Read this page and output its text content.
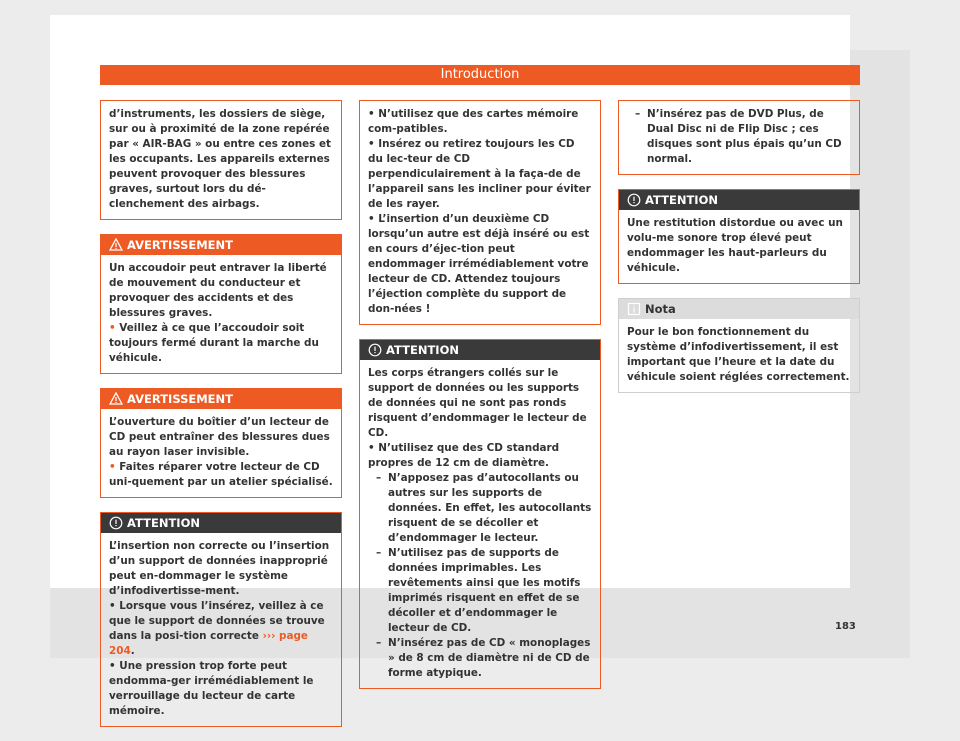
Introduction
d’instruments, les dossiers de siège, sur ou à proximité de la zone repérée par « AIR-BAG » ou entre ces zones et les occupants. Les appareils externes peuvent provoquer des blessures graves, surtout lors du dé-clenchement des airbags.
AVERTISSEMENT

Un accoudoir peut entraver la liberté de mouvement du conducteur et provoquer des accidents et des blessures graves.

• Veillez à ce que l’accoudoir soit toujours fermé durant la marche du véhicule.

AVERTISSEMENT

L’ouverture du boîtier d’un lecteur de CD peut entraîner des blessures dues au rayon laser invisible.

• Faites réparer votre lecteur de CD uni-quement par un atelier spécialisé.

ATTENTION

L’insertion non correcte ou l’insertion d’un support de données inapproprié peut en-dommager le système d’infodivertisse-ment.

• Lorsque vous l’insérez, veillez à ce que le support de données se trouve dans la posi-tion correcte ››› page 204.

• Une pression trop forte peut endomma-ger irrémédiablement le verrouillage du lecteur de carte mémoire.

• N’utilisez que des cartes mémoire com-patibles.

• Insérez ou retirez toujours les CD du lec-teur de CD perpendiculairement à la faça-de de l’appareil sans les incliner pour éviter de les rayer.

• L’insertion d’un deuxième CD lorsqu’un autre est déjà inséré ou est en cours d’éjec-tion peut endommager irrémédiablement votre lecteur de CD. Attendez toujours l’éjection complète du support de don-nées !

ATTENTION

Les corps étrangers collés sur le support de données ou les supports de données qui ne sont pas ronds risquent d’endommager le lecteur de CD.

• N’utilisez que des CD standard propres de 12 cm de diamètre.

– N’apposez pas d’autocollants ou autres sur les supports de données. En effet, les autocollants risquent de se décoller et d’endommager le lecteur.

– N’utilisez pas de supports de données imprimables. Les revêtements ainsi que les motifs imprimés risquent en effet de se décoller et d’endommager le lecteur de CD.

– N’insérez pas de CD « monoplages » de 8 cm de diamètre ni de CD de forme atypique.

– N’insérez pas de DVD Plus, de Dual Disc ni de Flip Disc ; ces disques sont plus épais qu’un CD normal.

ATTENTION

Une restitution distordue ou avec un volu-me sonore trop élevé peut endommager les haut-parleurs du véhicule.

Nota

Pour le bon fonctionnement du système d’infodivertissement, il est important que l’heure et la date du véhicule soient réglées correctement.

183
